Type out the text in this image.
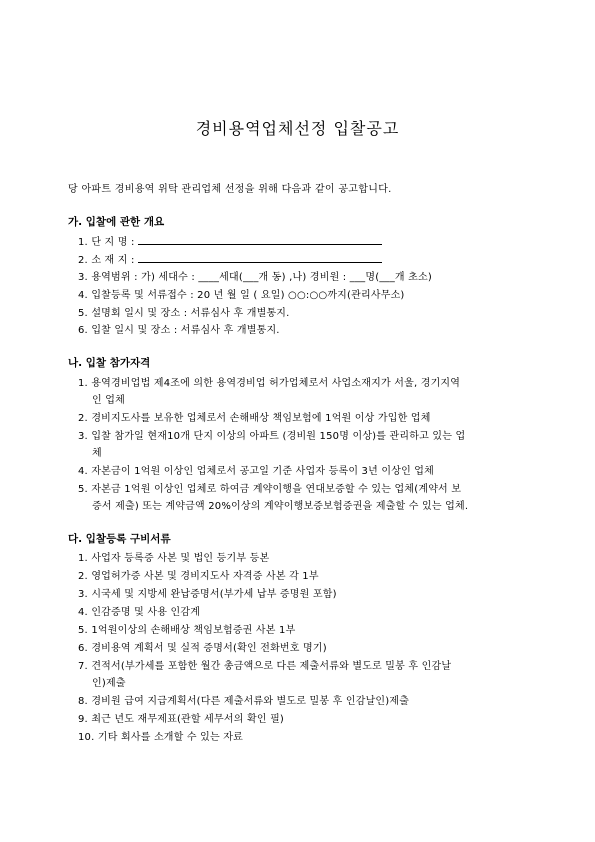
경비용역업체선정 입찰공고
당 아파트 경비용역 위탁 관리업체 선정을 위해 다음과 같이 공고합니다.
가. 입찰에 관한 개요
1. 단 지 명 :
2. 소 재 지 :
3. 용역범위 : 가) 세대수 : ____세대(___개 동) ,나) 경비원 : ___명(___개 초소)
4. 입찰등록 및 서류접수 : 20 년 월 일 ( 요일) ○○:○○까지(관리사무소)
5. 설명회 일시 및 장소 : 서류심사 후 개별통지.
6. 입찰 일시 및 장소 : 서류심사 후 개별통지.
나. 입찰 참가자격
1. 용역경비업법 제4조에 의한 용역경비업 허가업체로서 사업소재지가 서울, 경기지역
인 업체
2. 경비지도사를 보유한 업체로서 손해배상 책임보험에 1억원 이상 가입한 업체
3. 입찰 참가일 현재10개 단지 이상의 아파트 (경비원 150명 이상)를 관리하고 있는 업
체
4. 자본금이 1억원 이상인 업체로서 공고일 기준 사업자 등록이 3년 이상인 업체
5. 자본금 1억원 이상인 업체로 하여금 계약이행을 연대보증할 수 있는 업체(계약서 보
증서 제출) 또는 계약금액 20%이상의 계약이행보증보험증권을 제출할 수 있는 업체.
다. 입찰등록 구비서류
1. 사업자 등록증 사본 및 법인 등기부 등본
2. 영업허가증 사본 및 경비지도사 자격증 사본 각 1부
3. 시국세 및 지방세 완납증명서(부가세 납부 증명원 포함)
4. 인감증명 및 사용 인감계
5. 1억원이상의 손해배상 책임보험증권 사본 1부
6. 경비용역 계획서 및 실적 증명서(확인 전화번호 명기)
7. 견적서(부가세를 포함한 월간 총금액으로 다른 제출서류와 별도로 밀봉 후 인감날
인)제출
8. 경비원 급여 지급계획서(다른 제출서류와 별도로 밀봉 후 인감날인)제출
9. 최근 년도 재무제표(관할 세무서의 확인 필)
10. 기타 회사를 소개할 수 있는 자료
